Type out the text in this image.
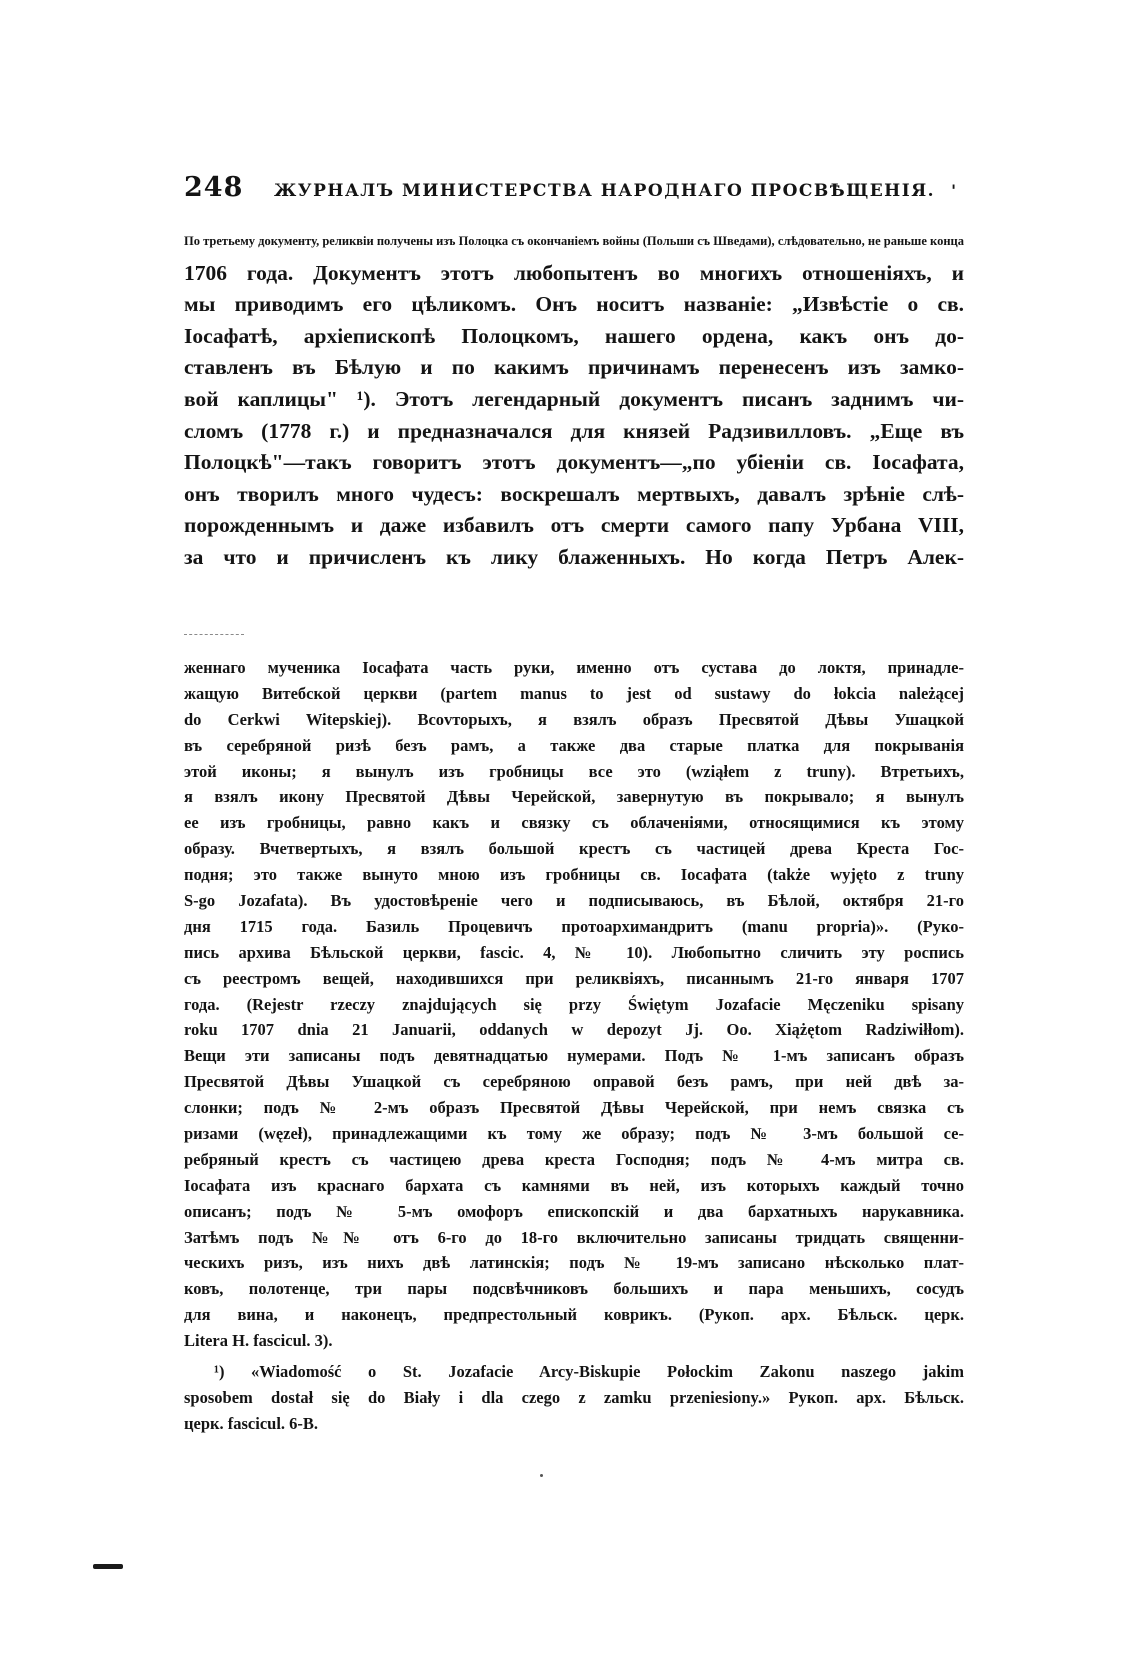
248	ЖУРНАЛЪ МИНИСТЕРСТВА НАРОДНАГО ПРОСВѢЩЕНІЯ. '
По третьему документу, реликвіи получены изъ Полоцка съ окончаніемъ войны (Польши съ Шведами), слѣдовательно, не раньше конца
1706 года. Документъ этотъ любопытенъ во многихъ отношеніяхъ, и
мы приводимъ его цѣликомъ. Онъ носитъ названіе: „Извѣстіе о св.
Іосафатѣ, архіепископѣ Полоцкомъ, нашего ордена, какъ онъ до-
ставленъ въ Бѣлую и по какимъ причинамъ перенесенъ изъ замко-
вой каплицы" ¹). Этотъ легендарный документъ писанъ заднимъ чи-
сломъ (1778 г.) и предназначался для князей Радзивилловъ. „Еще въ
Полоцкѣ"—такъ говоритъ этотъ документъ—„по убіеніи св. Іосафата,
онъ творилъ много чудесъ: воскрешалъ мертвыхъ, давалъ зрѣніе слѣ-
порожденнымъ и даже избавилъ отъ смерти самого папу Урбана VIII,
за что и причисленъ къ лику блаженныхъ. Но когда Петръ Алек-
женнаго мученика Іосафата часть руки, именно отъ сустава до локтя, принадле-
жащую Витебской церкви (partem manus to jest od sustawy do łokcia należącej
do Cerkwi Witepskiej). Вcovторыхъ, я взялъ образъ Пресвятой Дѣвы Ушацкой
въ серебряной ризѣ безъ рамъ, а также два старые платка для покрыванія
этой иконы; я вынулъ изъ гробницы все это (wziąłem z truny). Втретьихъ,
я взялъ икону Пресвятой Дѣвы Черейской, завернутую въ покрывало; я вынулъ
ее изъ гробницы, равно какъ и связку съ облаченіями, относящимися къ этому
образу. Вчетвертыхъ, я взялъ большой крестъ съ частицей древа Креста Гос-
подня; это также вынуто мною изъ гробницы св. Іосафата (także wyjęto z truny
S-go Jozafata). Въ удостовѣреніе чего и подписываюсь, въ Бѣлой, октября 21-го
дня 1715 года. Базиль Процевичъ протоархимандритъ (manu propria)». (Руко-
пись архива Бѣльской церкви, fascic. 4, № 10). Любопытно сличить эту роспись
съ реестромъ вещей, находившихся при реликвіяхъ, писаннымъ 21-го января 1707
года. (Rejestr rzeczy znajdujących się przy Świętym Jozafacie Męczeniku spisany
roku 1707 dnia 21 Januarii, oddanych w depozyt Jj. Oo. Xiążętom Radziwiłłom).
Вещи эти записаны подъ девятнадцатью нумерами. Подъ № 1-мъ записанъ образъ
Пресвятой Дѣвы Ушацкой съ серебряною оправой безъ рамъ, при ней двѣ за-
слонки; подъ № 2-мъ образъ Пресвятой Дѣвы Черейской, при немъ связка съ
ризами (węzeł), принадлежащими къ тому же образу; подъ № 3-мъ большой се-
ребряный крестъ съ частицею древа креста Господня; подъ № 4-мъ митра св.
Іосафата изъ краснаго бархата съ камнями въ ней, изъ которыхъ каждый точно
описанъ; подъ № 5-мъ омофоръ епископскій и два бархатныхъ нарукавника.
Затѣмъ подъ №№ отъ 6-го до 18-го включительно записаны тридцать священни-
ческихъ ризъ, изъ нихъ двѣ латинскія; подъ № 19-мъ записано нѣсколько плат-
ковъ, полотенце, три пары подсвѣчниковъ большихъ и пара меньшихъ, сосудъ
для вина, и наконецъ, предпрестольный коврикъ. (Рукоп. арх. Бѣльск. церк.
Litera H. fascicul. 3).
¹) «Wiadomość o St. Jozafacie Arcy-Biskupie Połockim Zakonu naszego jakim
sposobem dostał się do Biały i dla czego z zamku przeniesiony.» Рукоп. арх. Бѣльск.
церк. fascicul. 6-B.
